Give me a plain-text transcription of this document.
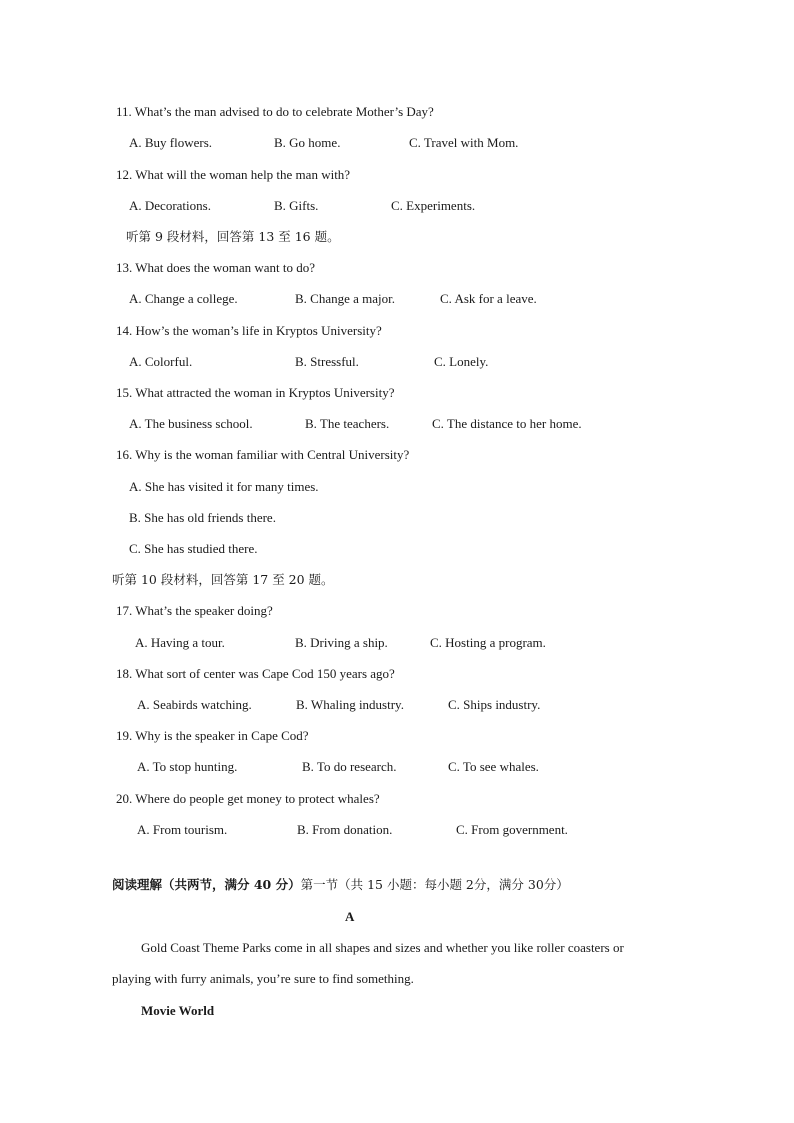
11. What’s the man advised to do to celebrate Mother’s Day?
A. Buy flowers.	B. Go home.	C. Travel with Mom.
12. What will the woman help the man with?
A. Decorations.	B. Gifts.	C. Experiments.
听第 9 段材料，回答第 13 至 16 题。
13. What does the woman want to do?
A. Change a college.	B. Change a major.	C. Ask for a leave.
14. How’s the woman’s life in Kryptos University?
A. Colorful.	B. Stressful.	C. Lonely.
15. What attracted the woman in Kryptos University?
A. The business school.	B. The teachers.	C. The distance to her home.
16. Why is the woman familiar with Central University?
A. She has visited it for many times.
B. She has old friends there.
C. She has studied there.
听第 10 段材料，回答第 17 至 20 题。
17. What’s the speaker doing?
A. Having a tour.	B. Driving a ship.	C. Hosting a program.
18. What sort of center was Cape Cod 150 years ago?
A. Seabirds watching.	B. Whaling industry.	C. Ships industry.
19. Why is the speaker in Cape Cod?
A. To stop hunting.	B. To do research.	C. To see whales.
20. Where do people get money to protect whales?
A. From tourism.	B. From donation.	C. From government.
阅读理解（共两节，满分 40 分）第一节（共 15 小题：每小题 2分，满分 30分）
A
Gold Coast Theme Parks come in all shapes and sizes and whether you like roller coasters or
playing with furry animals, you’re sure to find something.
Movie World
